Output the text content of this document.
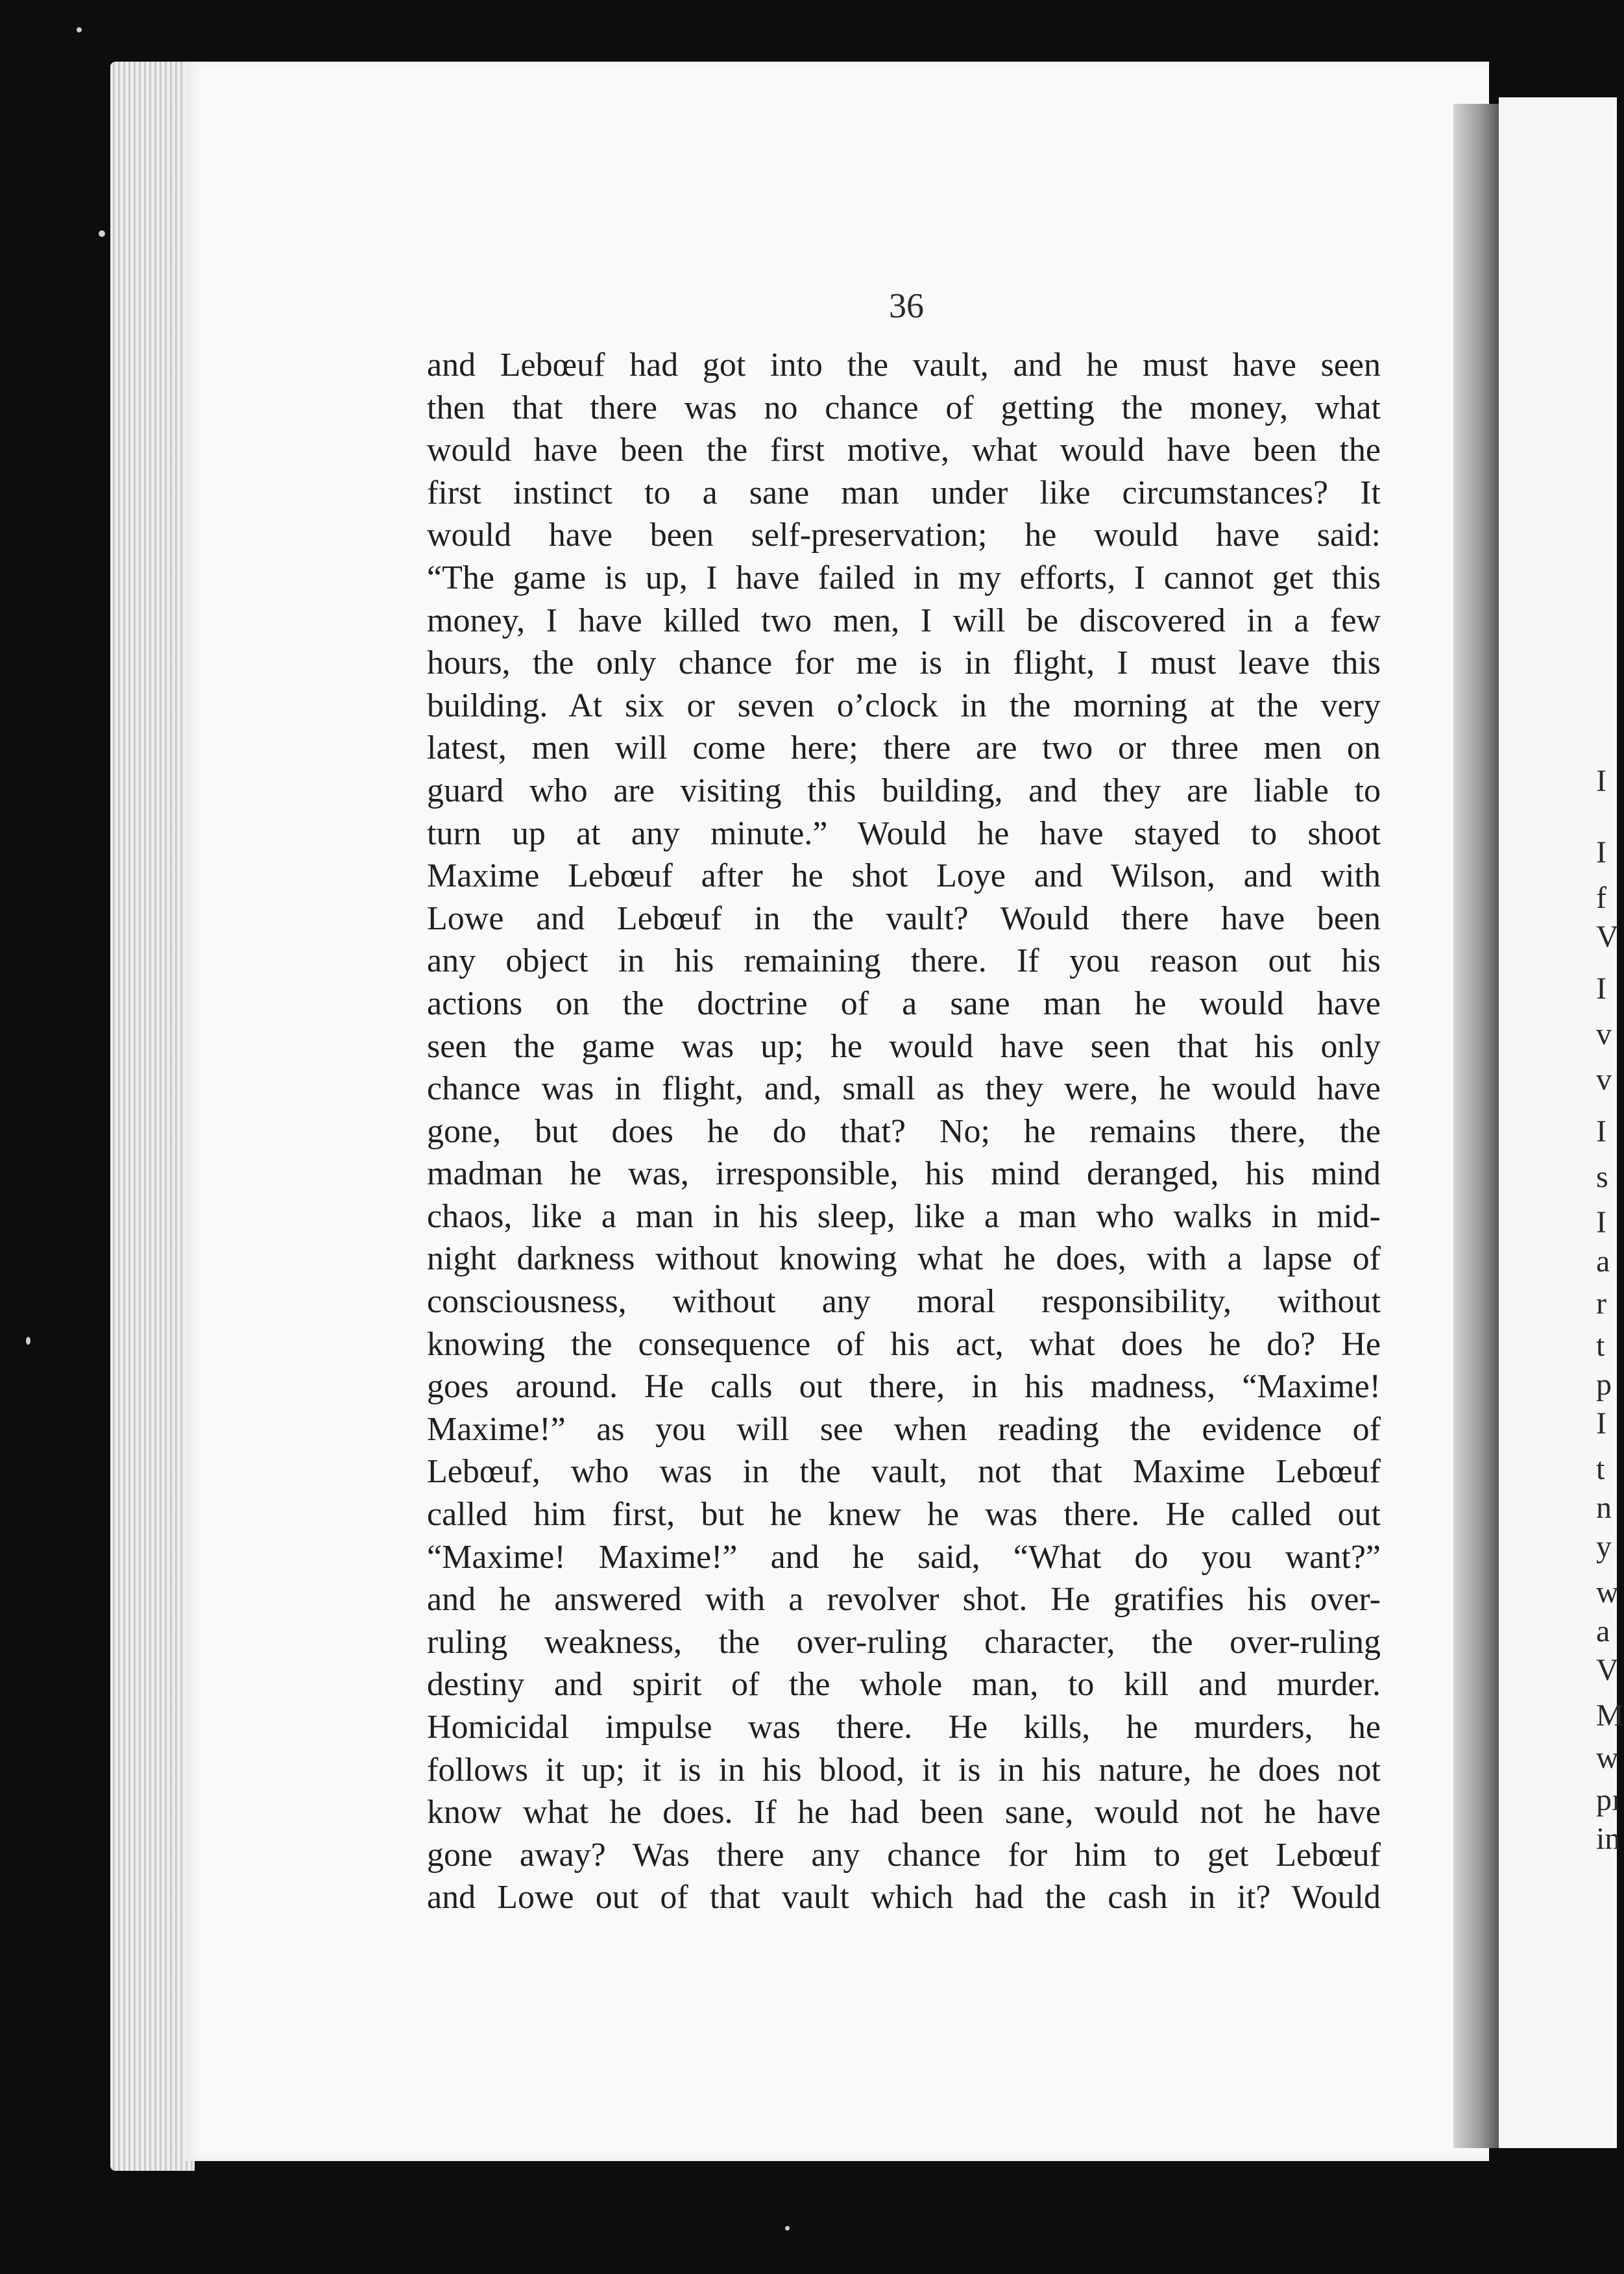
I
I
f
V
I
v
v
I
s
I
a
r
t
p
I
t
n
y
w
a
V
M
w
pı
in
36
and Lebœuf had got into the vault, and he must have seen
then that there was no chance of getting the money, what
would have been the first motive, what would have been the
first instinct to a sane man under like circumstances? It
would have been self-preservation; he would have said:
“The game is up, I have failed in my efforts, I cannot get this
money, I have killed two men, I will be discovered in a few
hours, the only chance for me is in flight, I must leave this
building. At six or seven o’clock in the morning at the very
latest, men will come here; there are two or three men on
guard who are visiting this building, and they are liable to
turn up at any minute.” Would he have stayed to shoot
Maxime Lebœuf after he shot Loye and Wilson, and with
Lowe and Lebœuf in the vault? Would there have been
any object in his remaining there. If you reason out his
actions on the doctrine of a sane man he would have
seen the game was up; he would have seen that his only
chance was in flight, and, small as they were, he would have
gone, but does he do that? No; he remains there, the
madman he was, irresponsible, his mind deranged, his mind
chaos, like a man in his sleep, like a man who walks in mid-
night darkness without knowing what he does, with a lapse of
consciousness, without any moral responsibility, without
knowing the consequence of his act, what does he do? He
goes around. He calls out there, in his madness, “Maxime!
Maxime!” as you will see when reading the evidence of
Lebœuf, who was in the vault, not that Maxime Lebœuf
called him first, but he knew he was there. He called out
“Maxime! Maxime!” and he said, “What do you want?”
and he answered with a revolver shot. He gratifies his over-
ruling weakness, the over-ruling character, the over-ruling
destiny and spirit of the whole man, to kill and murder.
Homicidal impulse was there. He kills, he murders, he
follows it up; it is in his blood, it is in his nature, he does not
know what he does. If he had been sane, would not he have
gone away? Was there any chance for him to get Lebœuf
and Lowe out of that vault which had the cash in it? Would
